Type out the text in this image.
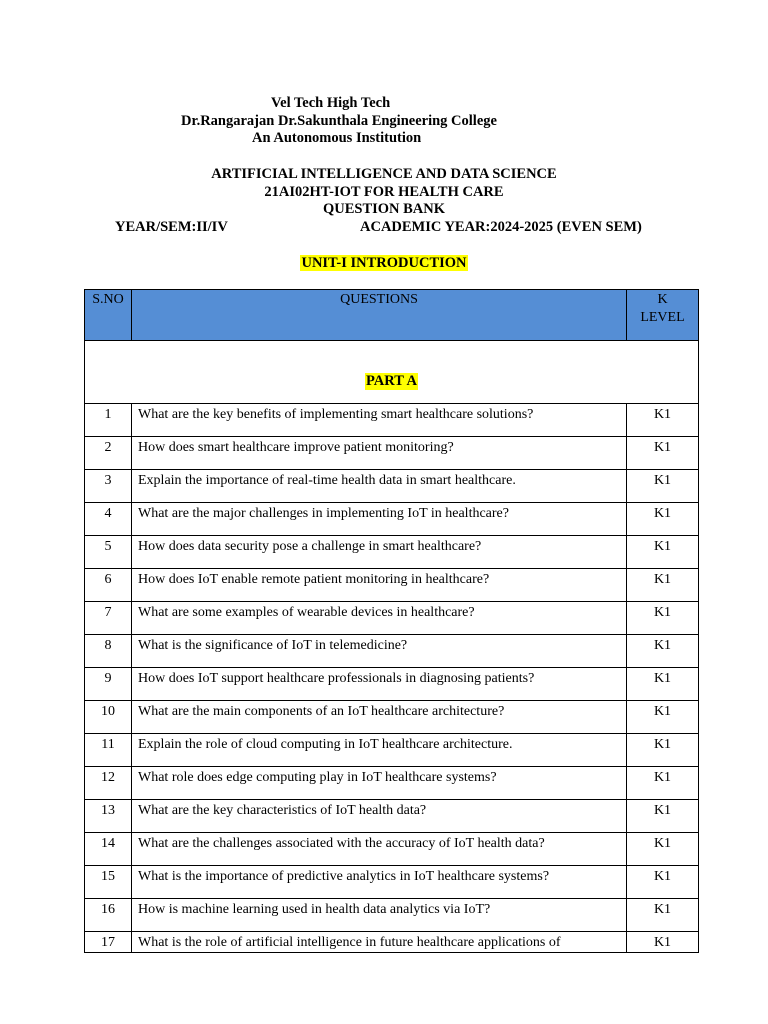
Vel Tech High Tech
Dr.Rangarajan Dr.Sakunthala Engineering College
An Autonomous Institution
ARTIFICIAL INTELLIGENCE AND DATA SCIENCE
21AI02HT-IOT FOR HEALTH CARE
QUESTION BANK
YEAR/SEM:II/IV	ACADEMIC YEAR:2024-2025 (EVEN SEM)
UNIT-I INTRODUCTION
S.NO	QUESTIONS	K
LEVEL
PART A		
1	What are the key benefits of implementing smart healthcare solutions?	K1
2	How does smart healthcare improve patient monitoring?	K1
3	Explain the importance of real-time health data in smart healthcare.	K1
4	What are the major challenges in implementing IoT in healthcare?	K1
5	How does data security pose a challenge in smart healthcare?	K1
6	How does IoT enable remote patient monitoring in healthcare?	K1
7	What are some examples of wearable devices in healthcare?	K1
8	What is the significance of IoT in telemedicine?	K1
9	How does IoT support healthcare professionals in diagnosing patients?	K1
10	What are the main components of an IoT healthcare architecture?	K1
11	Explain the role of cloud computing in IoT healthcare architecture.	K1
12	What role does edge computing play in IoT healthcare systems?	K1
13	What are the key characteristics of IoT health data?	K1
14	What are the challenges associated with the accuracy of IoT health data?	K1
15	What is the importance of predictive analytics in IoT healthcare systems?	K1
16	How is machine learning used in health data analytics via IoT?	K1
17	What is the role of artificial intelligence in future healthcare applications of	K1
